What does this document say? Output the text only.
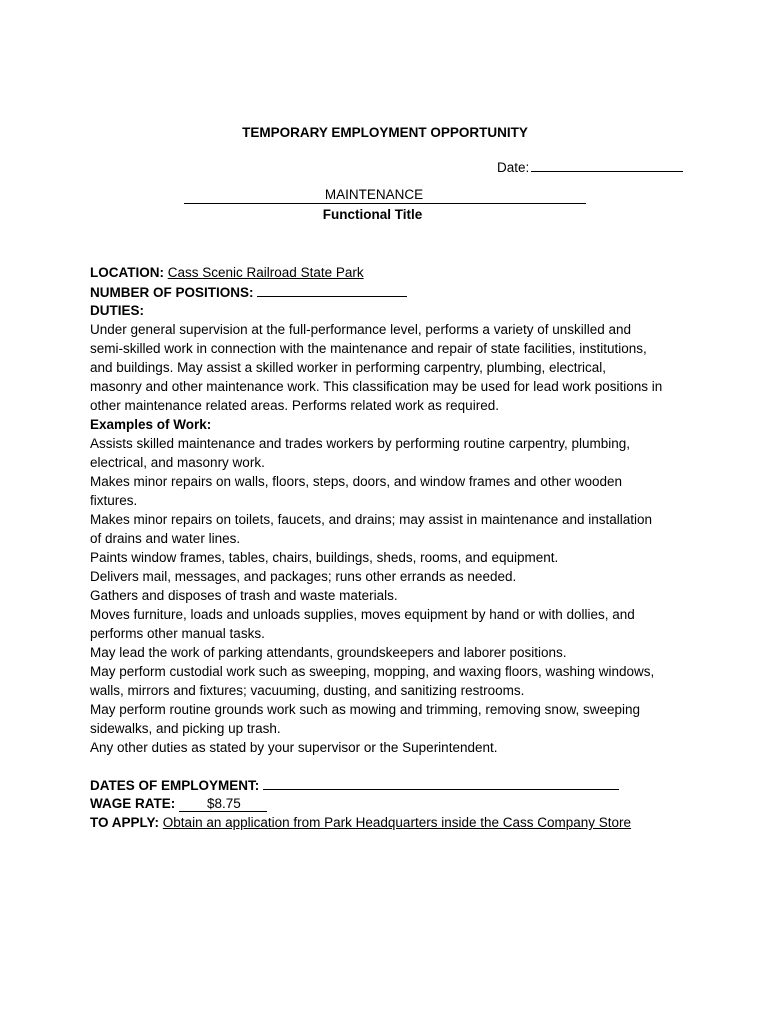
TEMPORARY EMPLOYMENT OPPORTUNITY
Date:
MAINTENANCE
Functional Title
LOCATION: Cass Scenic Railroad State Park
NUMBER OF POSITIONS:
DUTIES:
Under general supervision at the full-performance level, performs a variety of unskilled and
semi-skilled work in connection with the maintenance and repair of state facilities, institutions,
and buildings. May assist a skilled worker in performing carpentry, plumbing, electrical,
masonry and other maintenance work. This classification may be used for lead work positions in
other maintenance related areas. Performs related work as required.
Examples of Work:
Assists skilled maintenance and trades workers by performing routine carpentry, plumbing,
electrical, and masonry work.
Makes minor repairs on walls, floors, steps, doors, and window frames and other wooden
fixtures.
Makes minor repairs on toilets, faucets, and drains; may assist in maintenance and installation
of drains and water lines.
Paints window frames, tables, chairs, buildings, sheds, rooms, and equipment.
Delivers mail, messages, and packages; runs other errands as needed.
Gathers and disposes of trash and waste materials.
Moves furniture, loads and unloads supplies, moves equipment by hand or with dollies, and
performs other manual tasks.
May lead the work of parking attendants, groundskeepers and laborer positions.
May perform custodial work such as sweeping, mopping, and waxing floors, washing windows,
walls, mirrors and fixtures; vacuuming, dusting, and sanitizing restrooms.
May perform routine grounds work such as mowing and trimming, removing snow, sweeping
sidewalks, and picking up trash.
Any other duties as stated by your supervisor or the Superintendent.
DATES OF EMPLOYMENT:
WAGE RATE: $8.75
TO APPLY: Obtain an application from Park Headquarters inside the Cass Company Store
